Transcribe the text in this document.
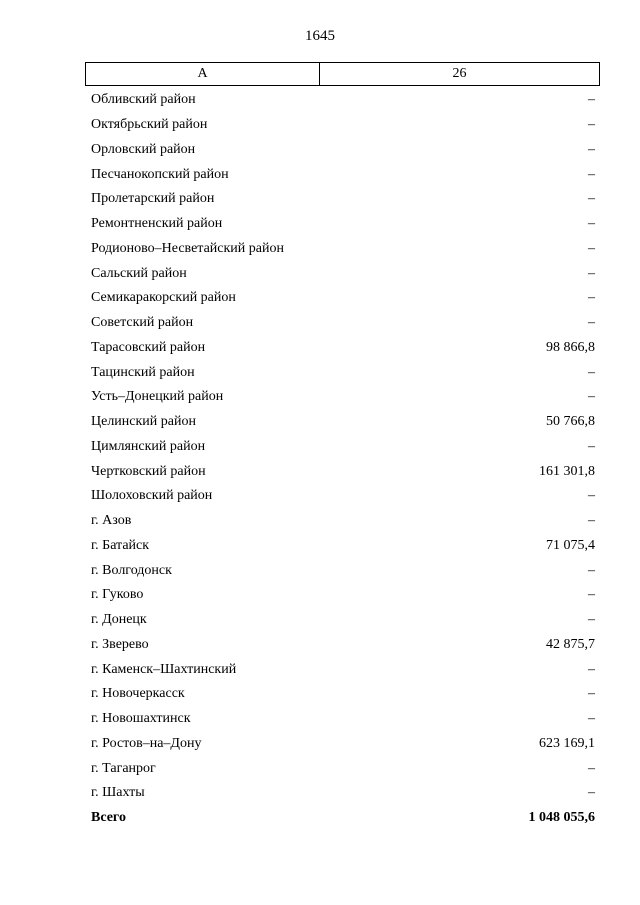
1645
А	26
Обливский район	–
Октябрьский район	–
Орловский район	–
Песчанокопский район	–
Пролетарский район	–
Ремонтненский район	–
Родионово–Несветайский район	–
Сальский район	–
Семикаракорский район	–
Советский район	–
Тарасовский район	98 866,8
Тацинский район	–
Усть–Донецкий район	–
Целинский район	50 766,8
Цимлянский район	–
Чертковский район	161 301,8
Шолоховский район	–
г. Азов	–
г. Батайск	71 075,4
г. Волгодонск	–
г. Гуково	–
г. Донецк	–
г. Зверево	42 875,7
г. Каменск–Шахтинский	–
г. Новочеркасск	–
г. Новошахтинск	–
г. Ростов–на–Дону	623 169,1
г. Таганрог	–
г. Шахты	–
Всего	1 048 055,6
